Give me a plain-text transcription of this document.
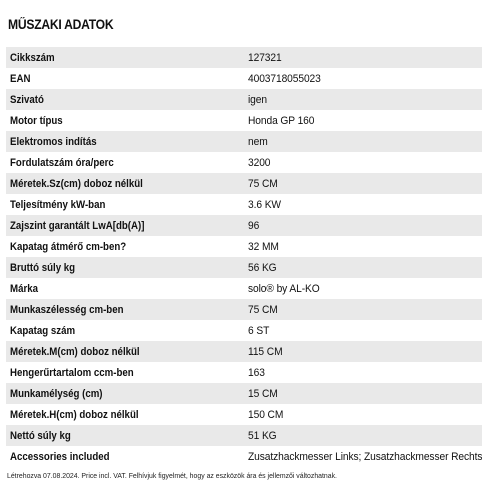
MŰSZAKI ADATOK
Cikkszám	127321
EAN	4003718055023
Szivató	igen
Motor típus	Honda GP 160
Elektromos indítás	nem
Fordulatszám óra/perc	3200
Méretek.Sz(cm) doboz nélkül	75 CM
Teljesítmény kW-ban	3.6 KW
Zajszint garantált LwA[db(A)]	96
Kapatag átmérő cm-ben?	32 MM
Bruttó súly kg	56 KG
Márka	solo® by AL-KO
Munkaszélesség cm-ben	75 CM
Kapatag szám	6 ST
Méretek.M(cm) doboz nélkül	115 CM
Hengerűrtartalom ccm-ben	163
Munkamélység (cm)	15 CM
Méretek.H(cm) doboz nélkül	150 CM
Nettó súly kg	51 KG
Accessories included	Zusatzhackmesser Links; Zusatzhackmesser Rechts
Létrehozva 07.08.2024. Price incl. VAT. Felhívjuk figyelmét, hogy az eszközök ára és jellemzői változhatnak.
